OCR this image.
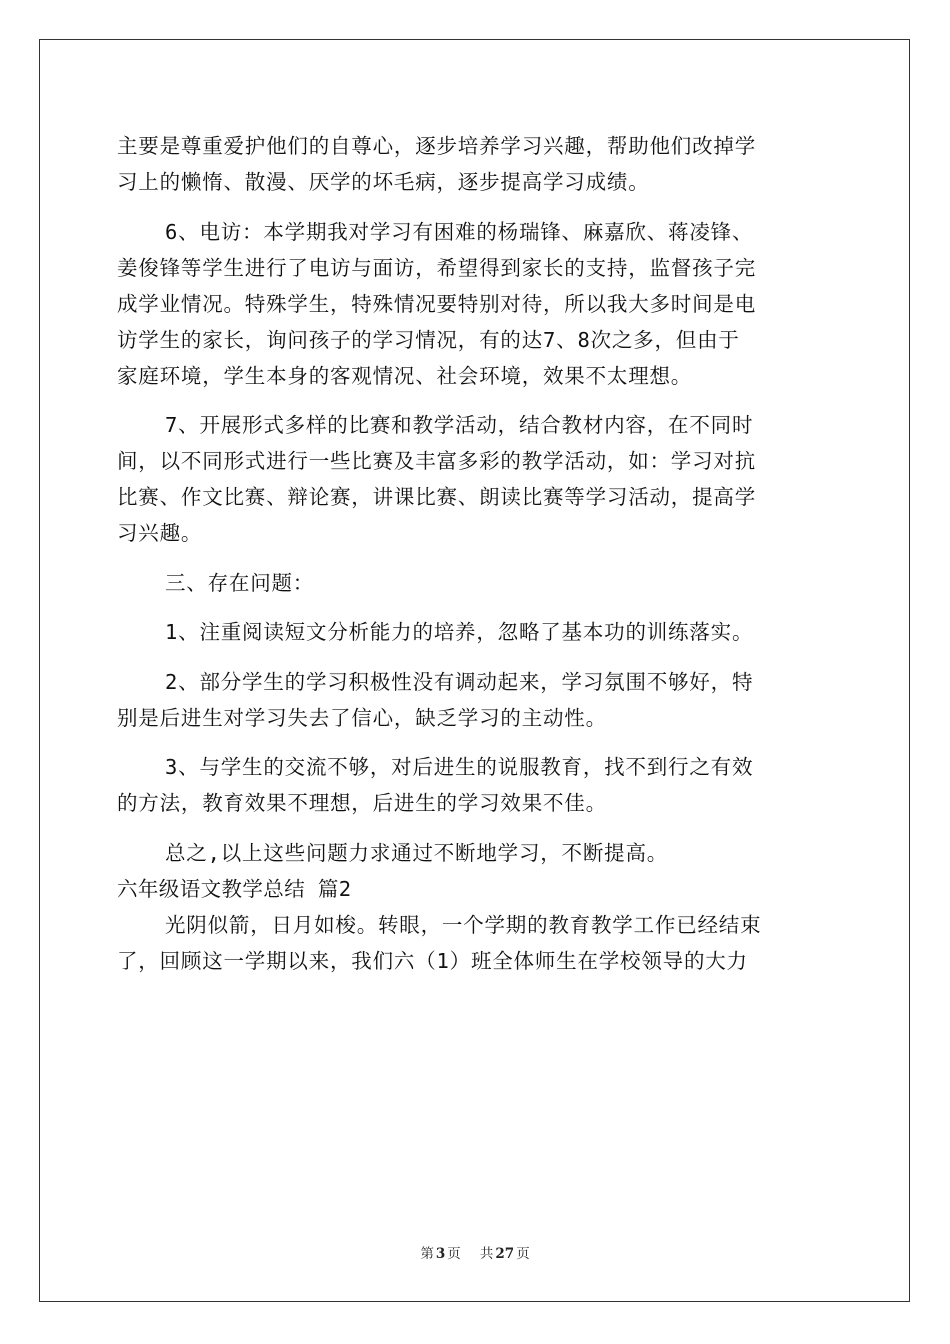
主要是尊重爱护他们的自尊心，逐步培养学习兴趣，帮助他们改掉学

习上的懒惰、散漫、厌学的坏毛病，逐步提高学习成绩。

6、电访：本学期我对学习有困难的杨瑞锋、麻嘉欣、蒋凌锋、

姜俊锋等学生进行了电访与面访，希望得到家长的支持，监督孩子完

成学业情况。特殊学生，特殊情况要特别对待，所以我大多时间是电

访学生的家长，询问孩子的学习情况，有的达7、8次之多，但由于

家庭环境，学生本身的客观情况、社会环境，效果不太理想。

7、开展形式多样的比赛和教学活动，结合教材内容，在不同时

间，以不同形式进行一些比赛及丰富多彩的教学活动，如：学习对抗

比赛、作文比赛、辩论赛，讲课比赛、朗读比赛等学习活动，提高学

习兴趣。

三、存在问题：

1、注重阅读短文分析能力的培养，忽略了基本功的训练落实。

2、部分学生的学习积极性没有调动起来，学习氛围不够好，特

别是后进生对学习失去了信心，缺乏学习的主动性。

3、与学生的交流不够，对后进生的说服教育，找不到行之有效

的方法，教育效果不理想，后进生的学习效果不佳。

总之,以上这些问题力求通过不断地学习，不断提高。

六年级语文教学总结 篇2

光阴似箭，日月如梭。转眼，一个学期的教育教学工作已经结束

了，回顾这一学期以来，我们六（1）班全体师生在学校领导的大力

第 3 页 共 27 页
